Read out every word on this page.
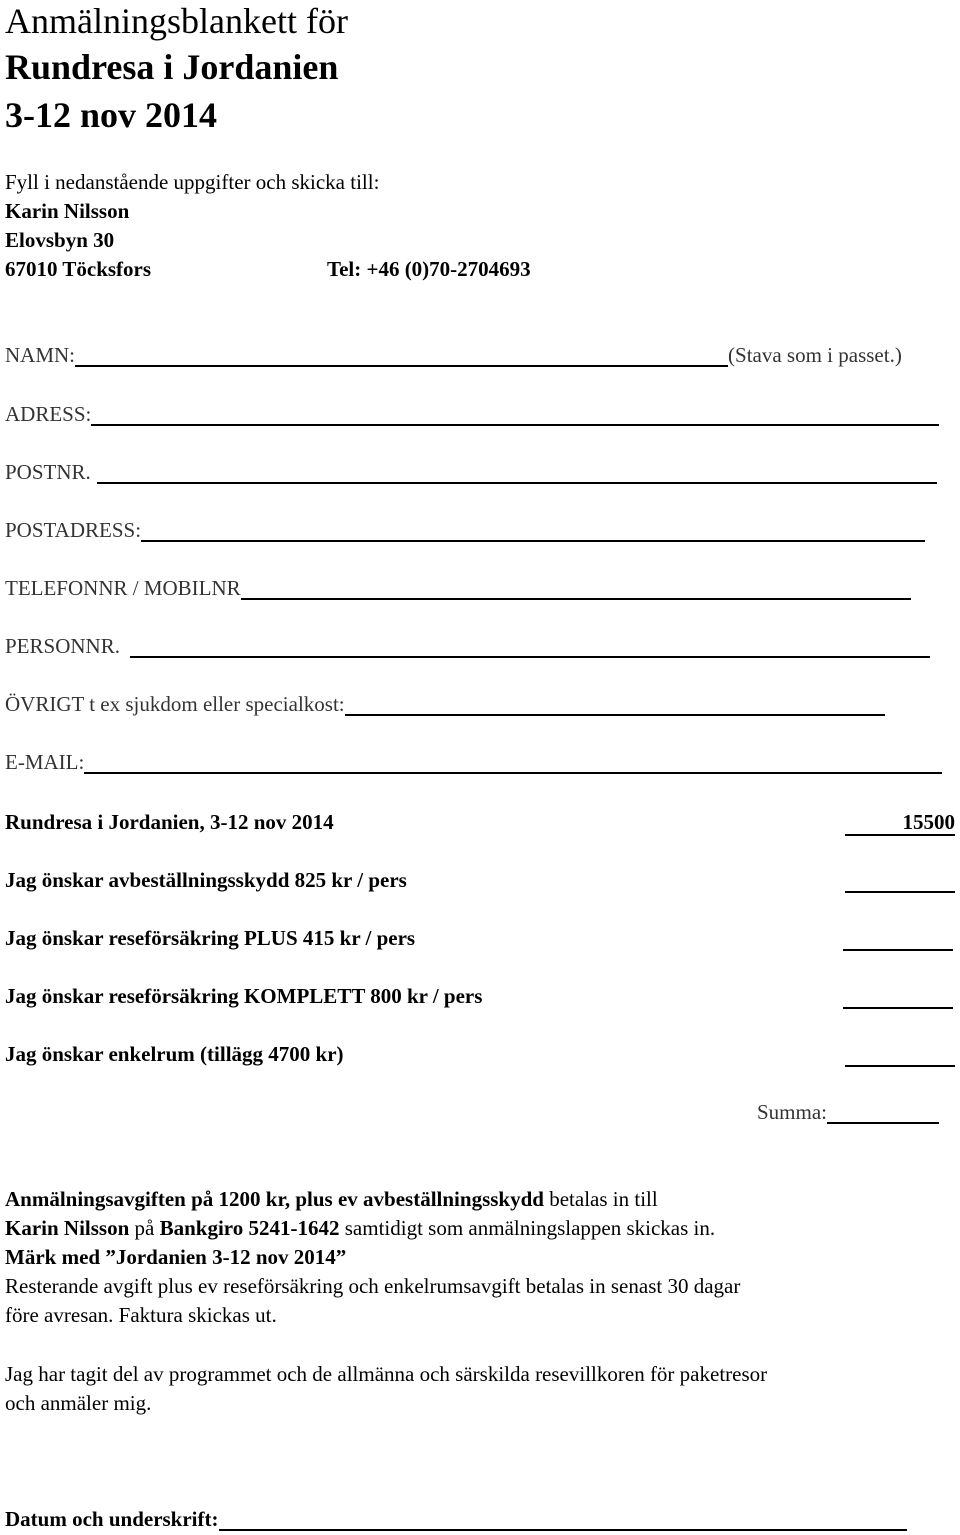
Anmälningsblankett för
Rundresa i Jordanien
3-12 nov 2014
Fyll i nedanstående uppgifter och skicka till:
Karin Nilsson
Elovsbyn 30
67010 Töcksfors	Tel: +46 (0)70-2704693
NAMN:	(Stava som i passet.)
ADRESS:
POSTNR.
POSTADRESS:
TELEFONNR / MOBILNR
PERSONNR.
ÖVRIGT t ex sjukdom eller specialkost:
E-MAIL:
Rundresa i Jordanien, 3-12 nov 2014	15500
Jag önskar avbeställningsskydd 825 kr / pers
Jag önskar reseförsäkring PLUS 415 kr / pers
Jag önskar reseförsäkring KOMPLETT 800 kr / pers
Jag önskar enkelrum (tillägg 4700 kr)
Summa:
Anmälningsavgiften på 1200 kr, plus ev avbeställningsskydd betalas in till
Karin Nilsson på Bankgiro 5241-1642 samtidigt som anmälningslappen skickas in.
Märk med ”Jordanien 3-12 nov 2014”
Resterande avgift plus ev reseförsäkring och enkelrumsavgift betalas in senast 30 dagar
före avresan. Faktura skickas ut.
Jag har tagit del av programmet och de allmänna och särskilda resevillkoren för paketresor
och anmäler mig.
Datum och underskrift:
